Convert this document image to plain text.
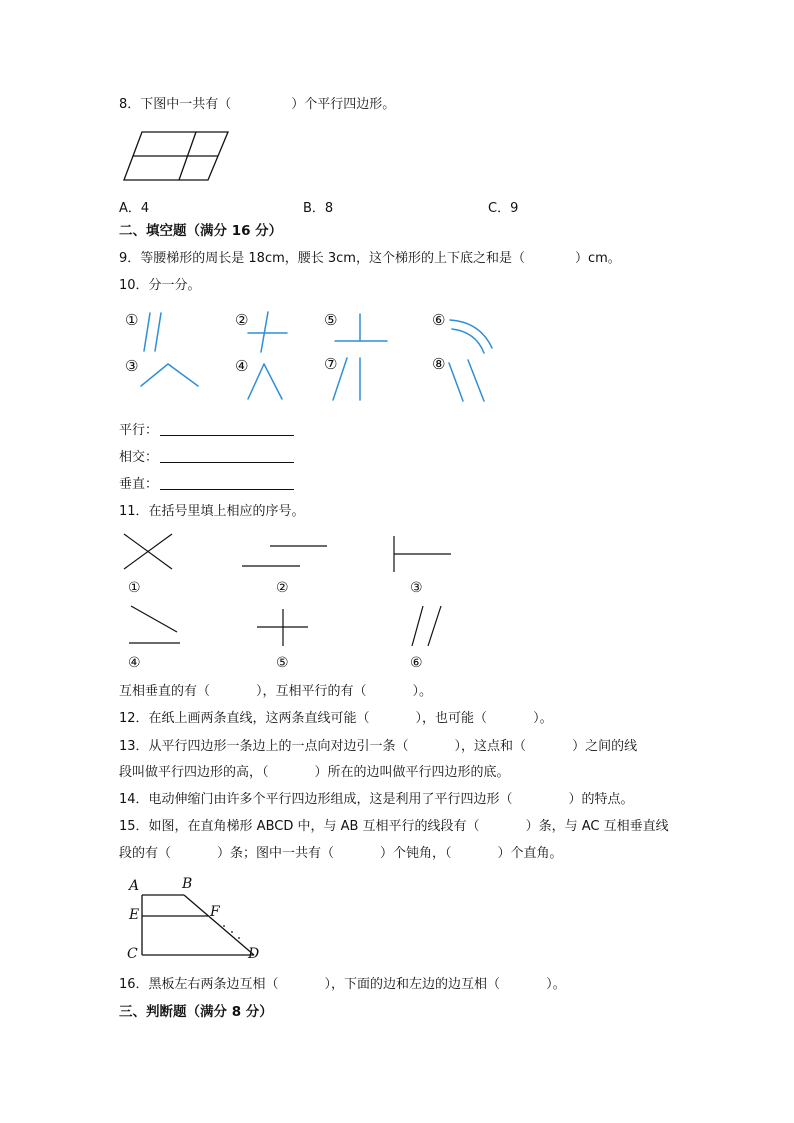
8．下图中一共有（	）个平行四边形。
A．4	B．8	C．9
二、填空题（满分 16 分）
9．等腰梯形的周长是 18cm，腰长 3cm，这个梯形的上下底之和是（	）cm。
10．分一分。
①	②	⑤	⑥
③	④	⑦	⑧
平行：
相交：
垂直：
11．在括号里填上相应的序号。
①	②	③
④	⑤	⑥
互相垂直的有（	），互相平行的有（	）。
12．在纸上画两条直线，这两条直线可能（	），也可能（	）。
13．从平行四边形一条边上的一点向对边引一条（	），这点和（	）之间的线
段叫做平行四边形的高，（	）所在的边叫做平行四边形的底。
14．电动伸缩门由许多个平行四边形组成，这是利用了平行四边形（	）的特点。
15．如图，在直角梯形 ABCD 中，与 AB 互相平行的线段有（	）条，与 AC 互相垂直线
段的有（	）条；图中一共有（	）个钝角，（	）个直角。
A	B
E	F
C	D
16．黑板左右两条边互相（	），下面的边和左边的边互相（	）。
三、判断题（满分 8 分）
